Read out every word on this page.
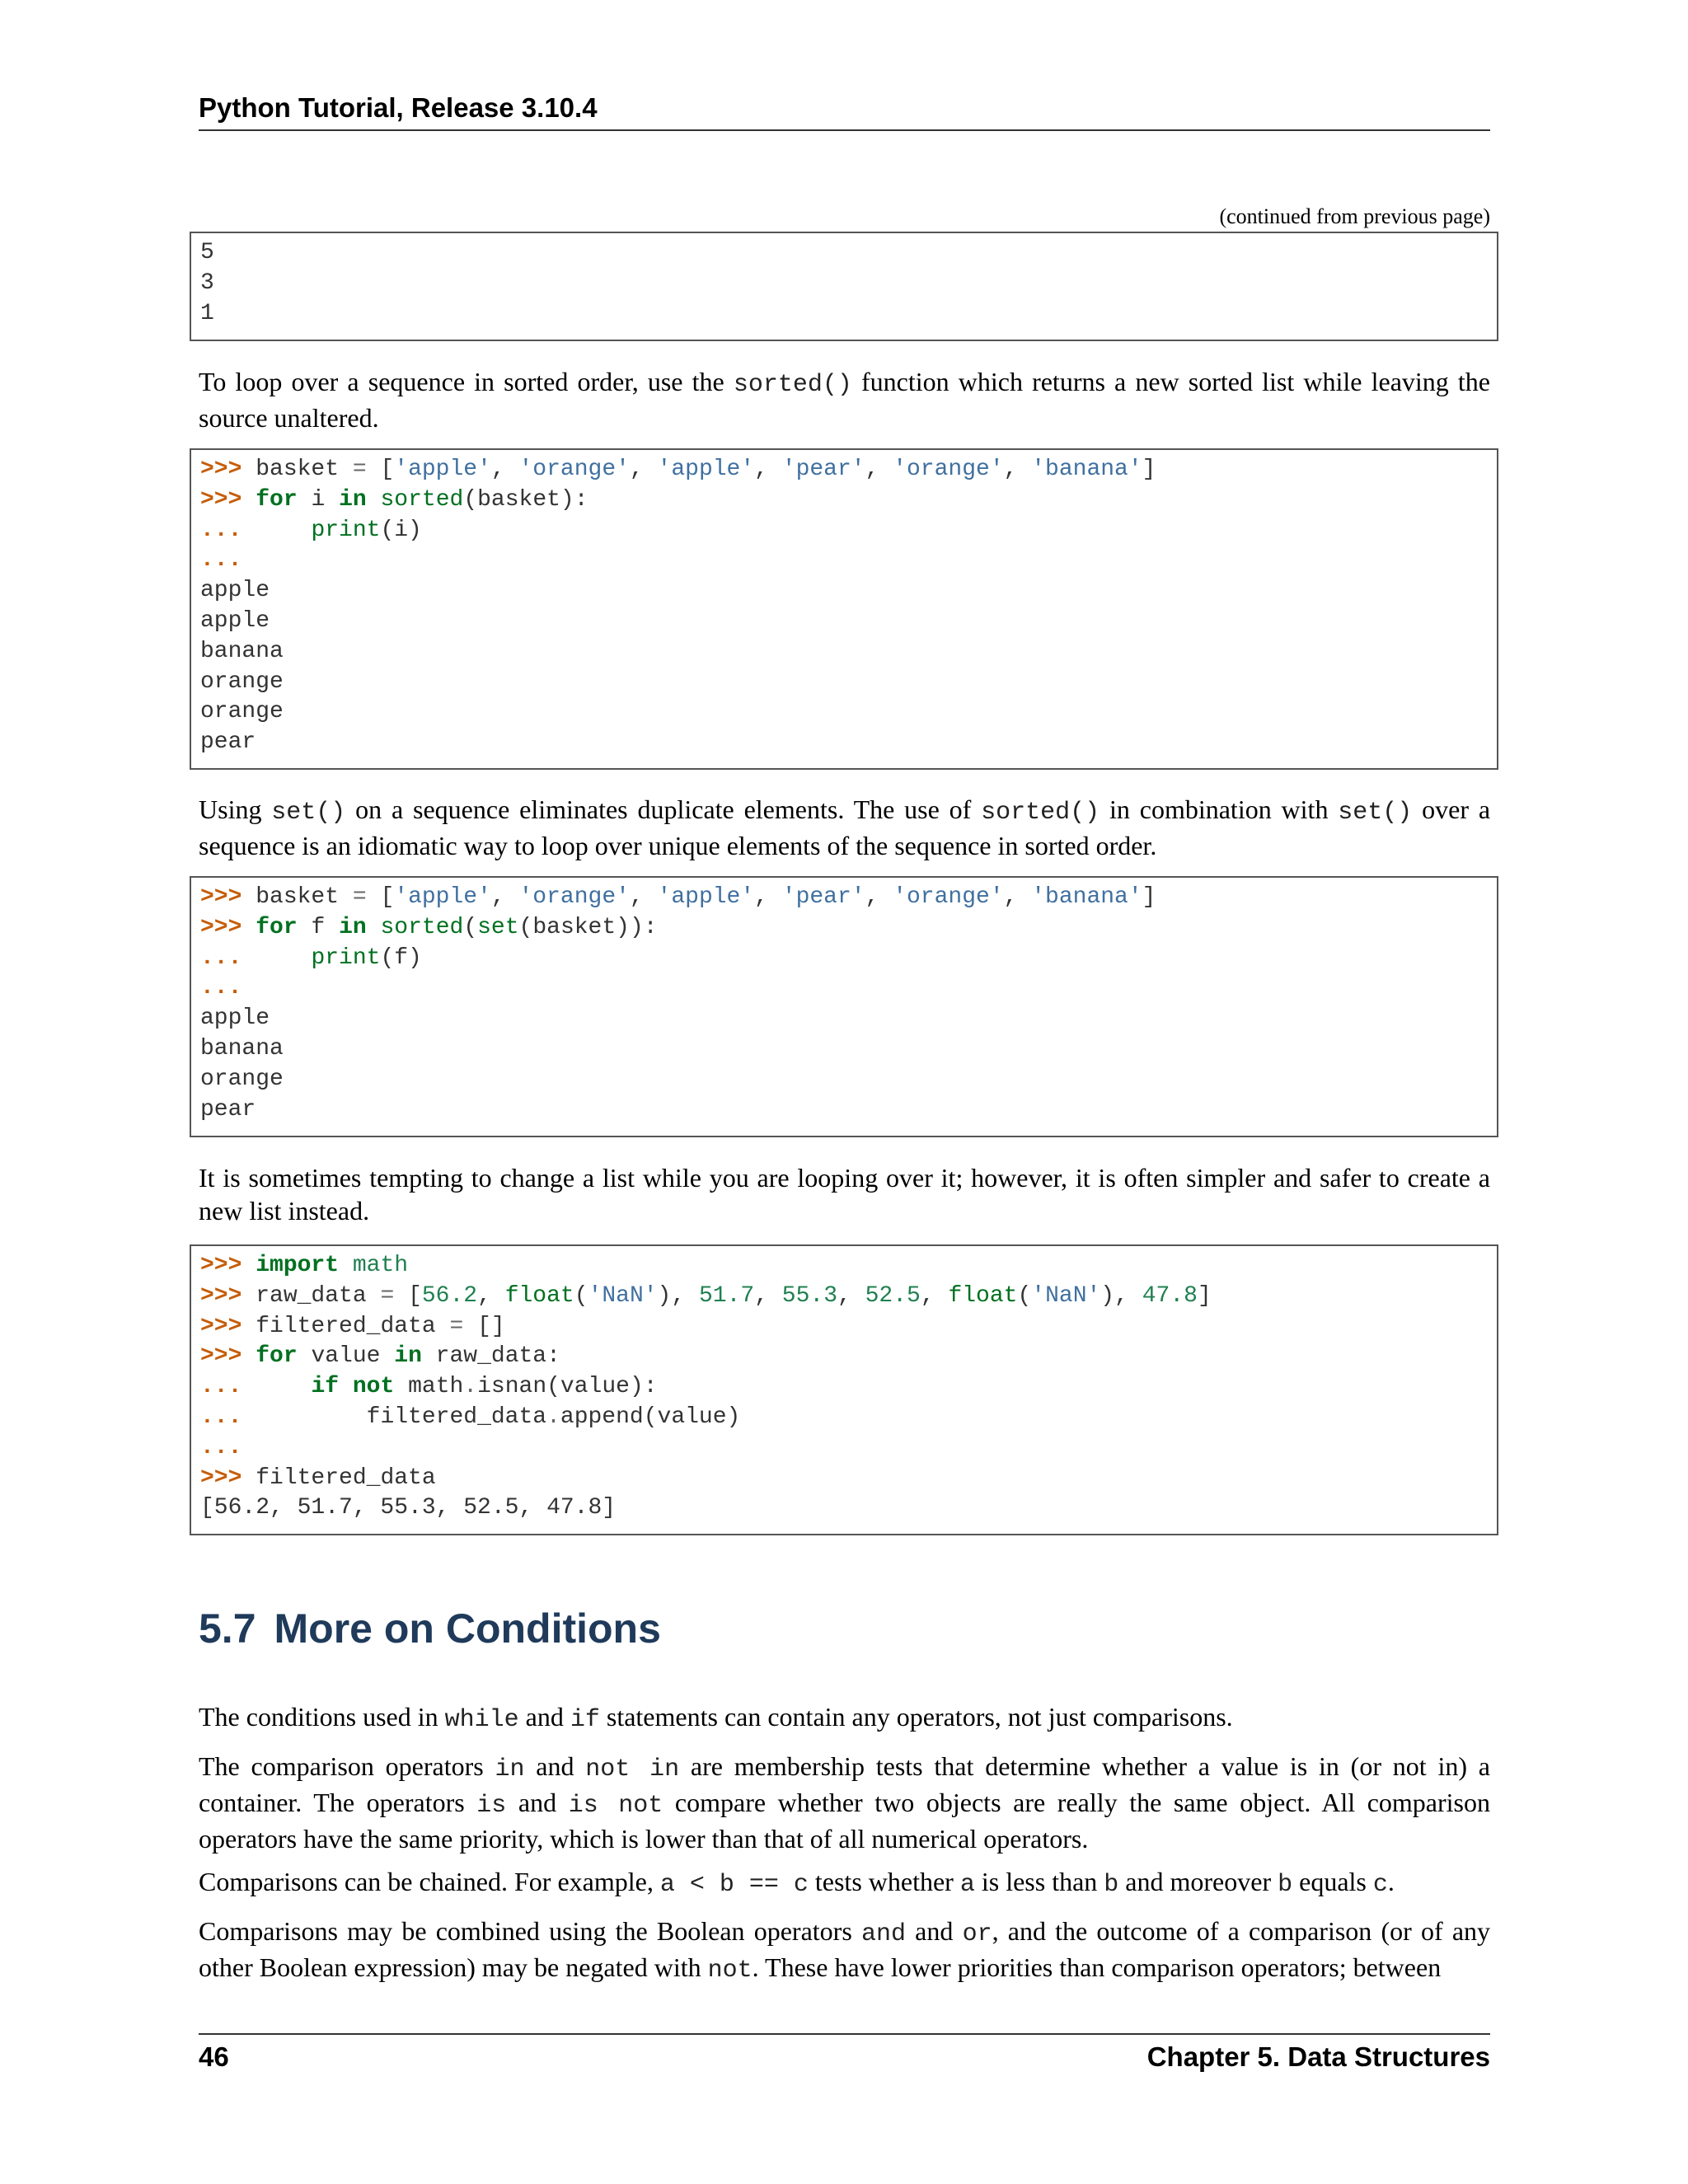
Python Tutorial, Release 3.10.4
(continued from previous page)
5
3
1
To loop over a sequence in sorted order, use the sorted() function which returns a new sorted list while leaving the source unaltered.
>>> basket = ['apple', 'orange', 'apple', 'pear', 'orange', 'banana']
>>> for i in sorted(basket):
...     print(i)
...
apple
apple
banana
orange
orange
pear
Using set() on a sequence eliminates duplicate elements. The use of sorted() in combination with set() over a sequence is an idiomatic way to loop over unique elements of the sequence in sorted order.
>>> basket = ['apple', 'orange', 'apple', 'pear', 'orange', 'banana']
>>> for f in sorted(set(basket)):
...     print(f)
...
apple
banana
orange
pear
It is sometimes tempting to change a list while you are looping over it; however, it is often simpler and safer to create a new list instead.
>>> import math
>>> raw_data = [56.2, float('NaN'), 51.7, 55.3, 52.5, float('NaN'), 47.8]
>>> filtered_data = []
>>> for value in raw_data:
...     if not math.isnan(value):
...         filtered_data.append(value)
...
>>> filtered_data
[56.2, 51.7, 55.3, 52.5, 47.8]
5.7 More on Conditions
The conditions used in while and if statements can contain any operators, not just comparisons.
The comparison operators in and not in are membership tests that determine whether a value is in (or not in) a container. The operators is and is not compare whether two objects are really the same object. All comparison operators have the same priority, which is lower than that of all numerical operators.
Comparisons can be chained. For example, a < b == c tests whether a is less than b and moreover b equals c.
Comparisons may be combined using the Boolean operators and and or, and the outcome of a comparison (or of any other Boolean expression) may be negated with not. These have lower priorities than comparison operators; between
46	Chapter 5. Data Structures
